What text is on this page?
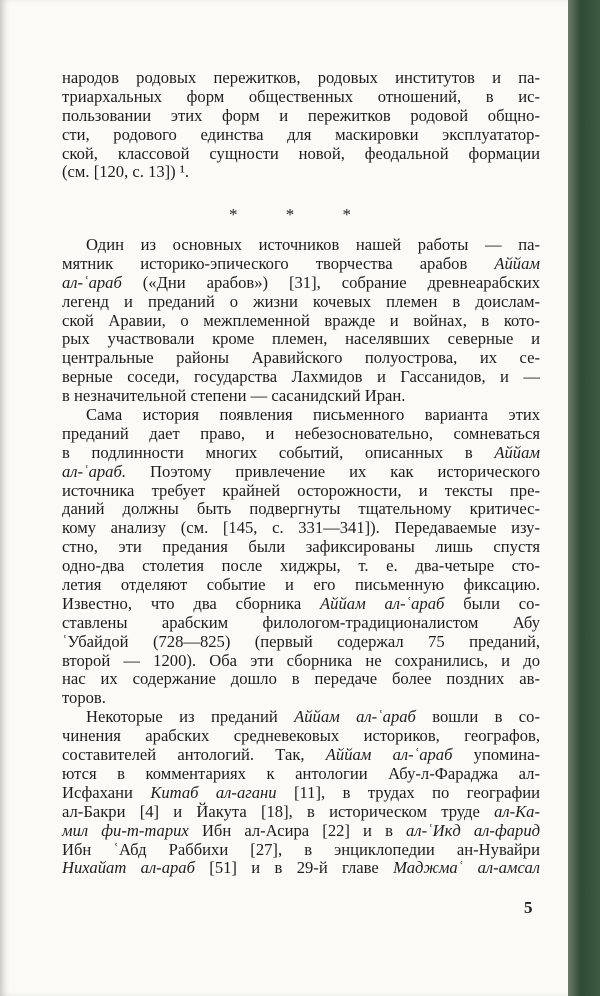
народов родовых пережитков, родовых институтов и па-
триархальных форм общественных отношений, в ис-
пользовании этих форм и пережитков родовой общно-
сти, родового единства для маскировки эксплуататор-
ской, классовой сущности новой, феодальной формации
(см. [120, с. 13]) ¹.
* * *
Один из основных источников нашей работы — па-
мятник историко-эпического творчества арабов Аййам
ал-ʿараб («Дни арабов») [31], собрание древнеарабских
легенд и преданий о жизни кочевых племен в доислам-
ской Аравии, о межплеменной вражде и войнах, в кото-
рых участвовали кроме племен, населявших северные и
центральные районы Аравийского полуострова, их се-
верные соседи, государства Лахмидов и Гассанидов, и —
в незначительной степени — сасанидский Иран.
Сама история появления письменного варианта этих
преданий дает право, и небезосновательно, сомневаться
в подлинности многих событий, описанных в Аййам
ал-ʿараб. Поэтому привлечение их как исторического
источника требует крайней осторожности, и тексты пре-
даний должны быть подвергнуты тщательному критичес-
кому анализу (см. [145, с. 331—341]). Передаваемые изу-
стно, эти предания были зафиксированы лишь спустя
одно-два столетия после хиджры, т. е. два-четыре сто-
летия отделяют событие и его письменную фиксацию.
Известно, что два сборника Аййам ал-ʿараб были со-
ставлены арабским филологом-традиционалистом Абу
ʿУбайдой (728—825) (первый содержал 75 преданий,
второй — 1200). Оба эти сборника не сохранились, и до
нас их содержание дошло в передаче более поздних ав-
торов.
Некоторые из преданий Аййам ал-ʿараб вошли в со-
чинения арабских средневековых историков, географов,
составителей антологий. Так, Аййам ал-ʿараб упомина-
ются в комментариях к антологии Абу-л-Фараджа ал-
Исфахани Китаб ал-агани [11], в трудах по географии
ал-Бакри [4] и Йакута [18], в историческом труде ал-Ка-
мил фи-т-тарих Ибн ал-Асира [22] и в ал-ʿИкд ал-фарид
Ибн ʿАбд Раббихи [27], в энциклопедии ан-Нувайри
Нихайат ал-араб [51] и в 29-й главе Маджмаʿ ал-амсал
5
